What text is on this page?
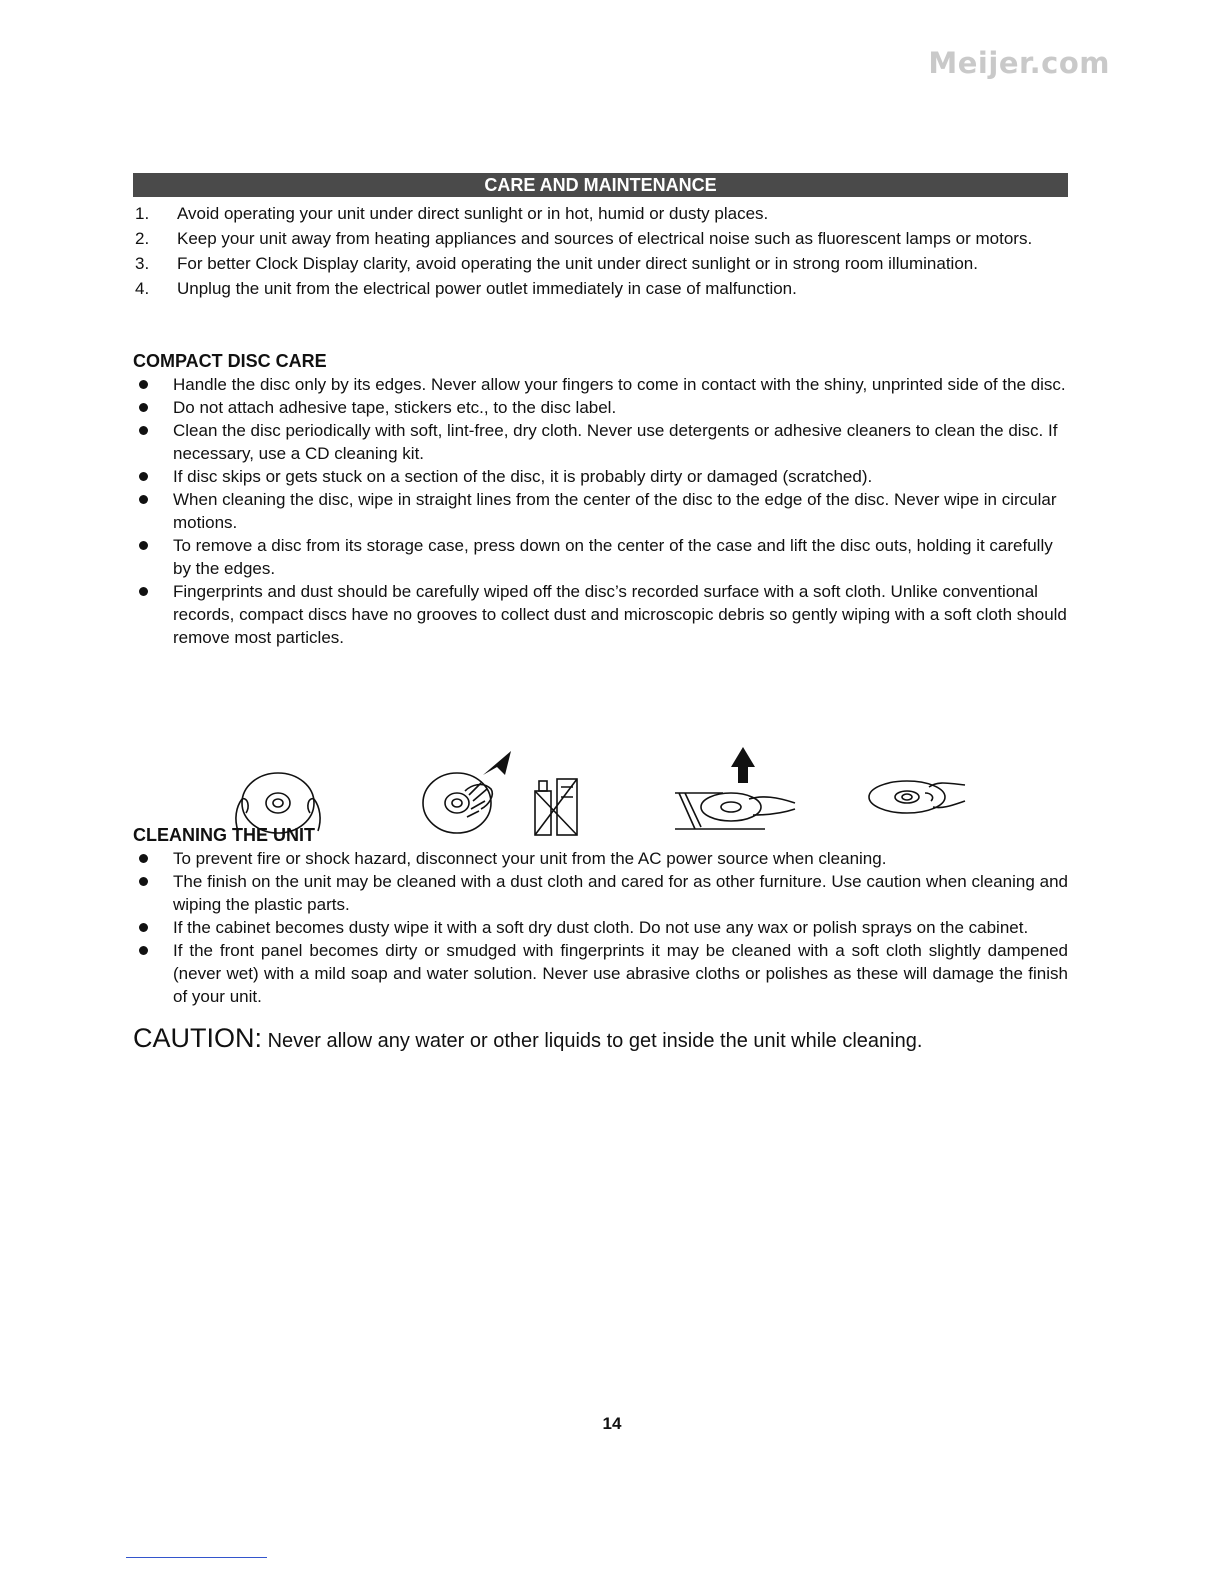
Meijer.com
CARE AND MAINTENANCE
1.	Avoid operating your unit under direct sunlight or in hot, humid or dusty places.
2.	Keep your unit away from heating appliances and sources of electrical noise such as fluorescent lamps or motors.
3.	For better Clock Display clarity, avoid operating the unit under direct sunlight or in strong room illumination.
4.	Unplug the unit from the electrical power outlet immediately in case of malfunction.
COMPACT DISC CARE
Handle the disc only by its edges. Never allow your fingers to come in contact with the shiny, unprinted side of the disc.
Do not attach adhesive tape, stickers etc., to the disc label.
Clean the disc periodically with soft, lint-free, dry cloth. Never use detergents or adhesive cleaners to clean the disc. If necessary, use a CD cleaning kit.
If disc skips or gets stuck on a section of the disc, it is probably dirty or damaged (scratched).
When cleaning the disc, wipe in straight lines from the center of the disc to the edge of the disc. Never wipe in circular motions.
To remove a disc from its storage case, press down on the center of the case and lift the disc outs, holding it carefully by the edges.
Fingerprints and dust should be carefully wiped off the disc’s recorded surface with a soft cloth. Unlike conventional records, compact discs have no grooves to collect dust and microscopic debris so gently wiping with a soft cloth should remove most particles.
CLEANING THE UNIT
To prevent fire or shock hazard, disconnect your unit from the AC power source when cleaning.
The finish on the unit may be cleaned with a dust cloth and cared for as other furniture. Use caution when cleaning and wiping the plastic parts.
If the cabinet becomes dusty wipe it with a soft dry dust cloth. Do not use any wax or polish sprays on the cabinet.
If the front panel becomes dirty or smudged with fingerprints it may be cleaned with a soft cloth slightly dampened (never wet) with a mild soap and water solution. Never use abrasive cloths or polishes as these will damage the finish of your unit.

CAUTION: Never allow any water or other liquids to get inside the unit while cleaning.

14
